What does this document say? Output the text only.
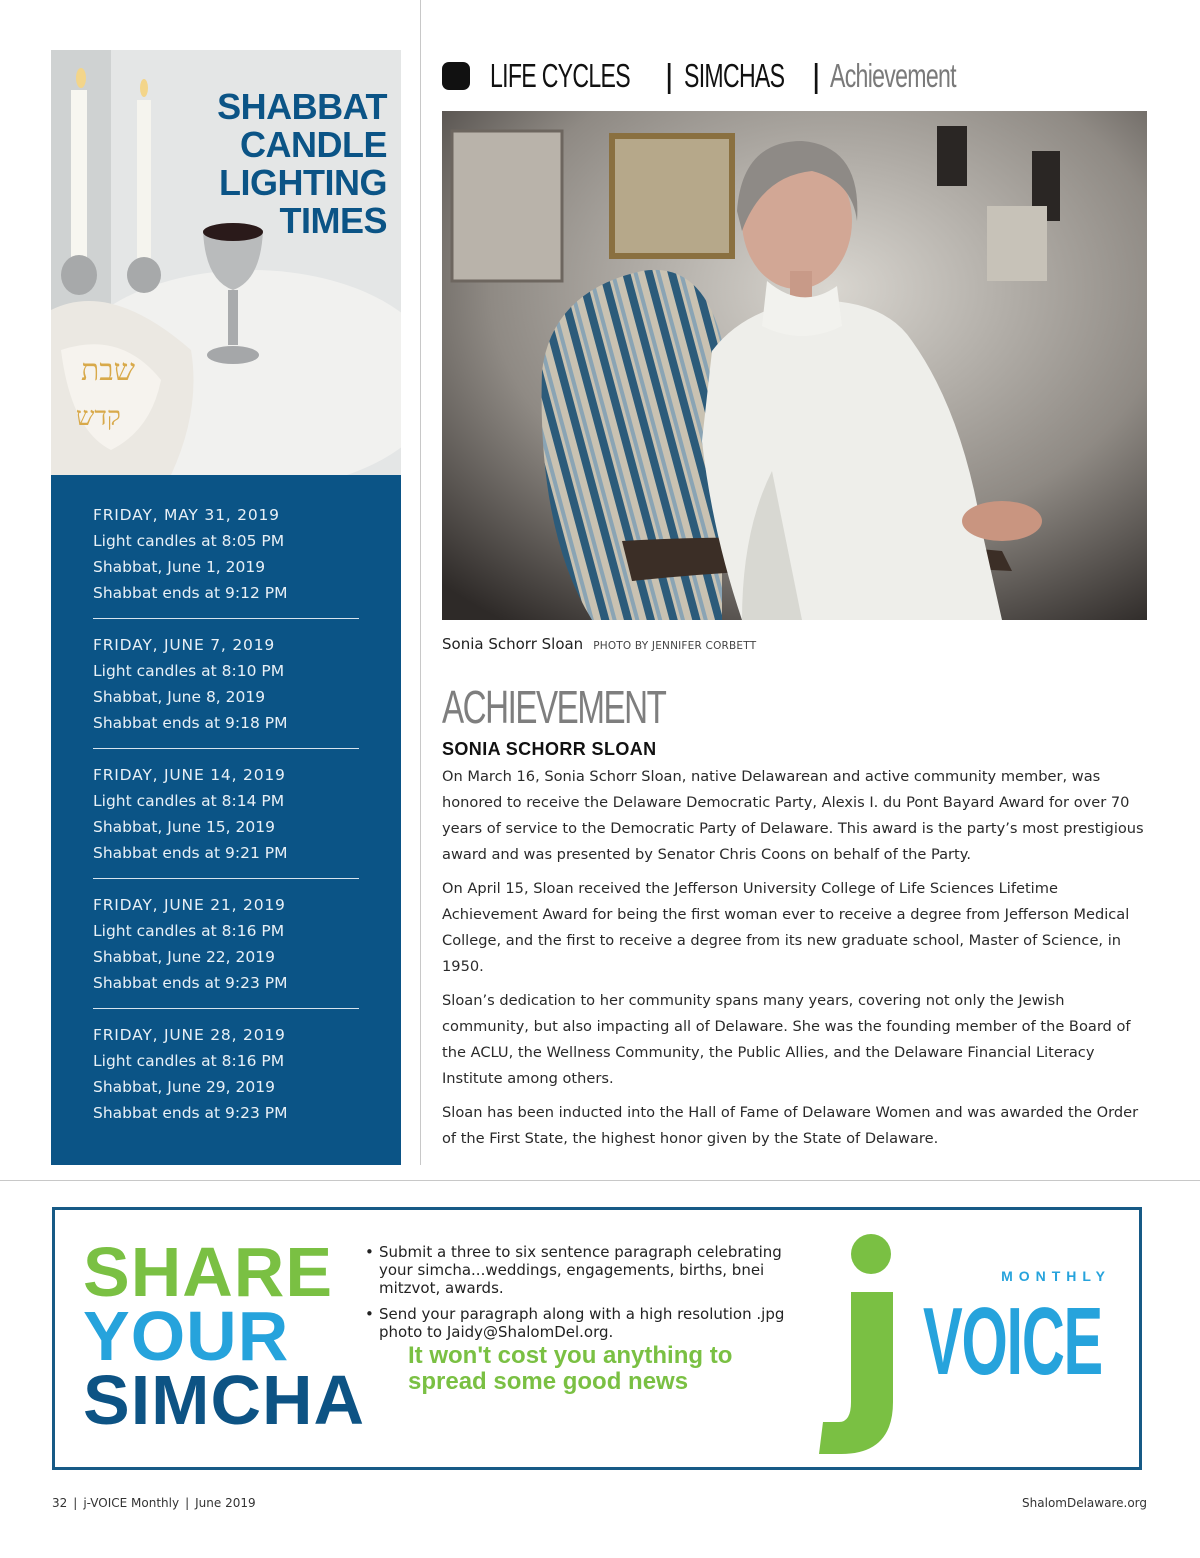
שבת
קדש
SHABBAT
CANDLE
LIGHTING
TIMES
FRIDAY, MAY 31, 2019
Light candles at 8:05 PM
Shabbat, June 1, 2019
Shabbat ends at 9:12 PM
FRIDAY, JUNE 7, 2019
Light candles at 8:10 PM
Shabbat, June 8, 2019
Shabbat ends at 9:18 PM
FRIDAY, JUNE 14, 2019
Light candles at 8:14 PM
Shabbat, June 15, 2019
Shabbat ends at 9:21 PM
FRIDAY, JUNE 21, 2019
Light candles at 8:16 PM
Shabbat, June 22, 2019
Shabbat ends at 9:23 PM
FRIDAY, JUNE 28, 2019
Light candles at 8:16 PM
Shabbat, June 29, 2019
Shabbat ends at 9:23 PM
LIFE CYCLES | SIMCHAS | Achievement
Sonia Schorr Sloan PHOTO BY JENNIFER CORBETT
ACHIEVEMENT
SONIA SCHORR SLOAN

On March 16, Sonia Schorr Sloan, native Delawarean and active community member, was honored to receive the Delaware Democratic Party, Alexis I. du Pont Bayard Award for over 70 years of service to the Democratic Party of Delaware. This award is the party’s most prestigious award and was presented by Senator Chris Coons on behalf of the Party.

On April 15, Sloan received the Jefferson University College of Life Sciences Lifetime Achievement Award for being the first woman ever to receive a degree from Jefferson Medical College, and the first to receive a degree from its new graduate school, Master of Science, in 1950.

Sloan’s dedication to her community spans many years, covering not only the Jewish community, but also impacting all of Delaware. She was the founding member of the Board of the ACLU, the Wellness Community, the Public Allies, and the Delaware Financial Literacy Institute among others.

Sloan has been inducted into the Hall of Fame of Delaware Women and was awarded the Order of the First State, the highest honor given by the State of Delaware.

SHARE
YOUR
SIMCHA
• Submit a three to six sentence paragraph celebrating your simcha...weddings, engagements, births, bnei mitzvot, awards.
• Send your paragraph along with a high resolution .jpg photo to Jaidy@ShalomDel.org.
It won't cost you anything to spread some good news
MONTHLY
VOICE
32 | j-VOICE Monthly | June 2019	ShalomDelaware.org
